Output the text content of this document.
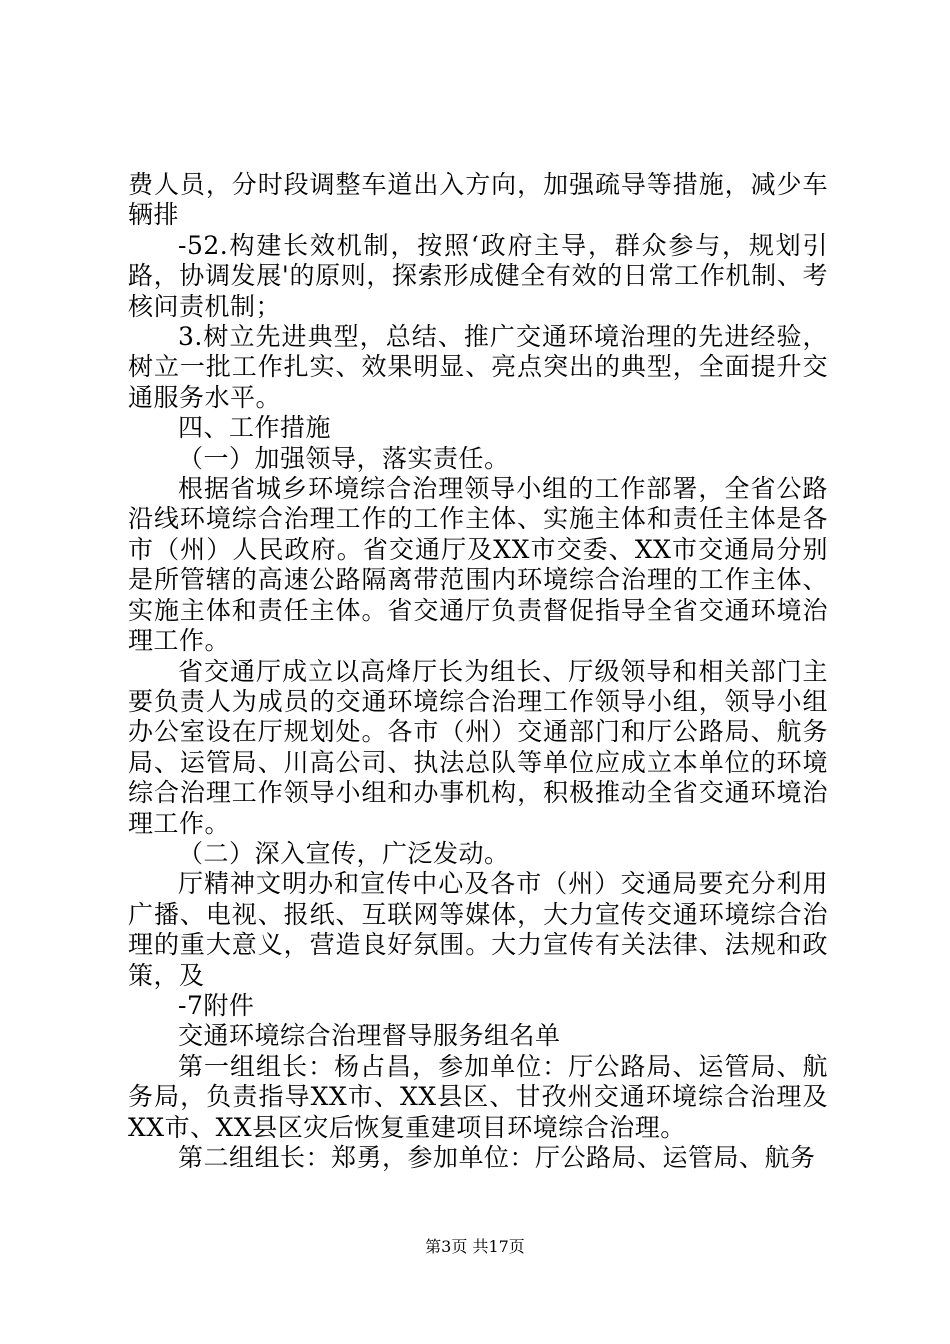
费人员，分时段调整车道出入方向，加强疏导等措施，减少车辆排

-52.构建长效机制，按照‘政府主导，群众参与，规划引路，协调发展'的原则，探索形成健全有效的日常工作机制、考核问责机制；

3.树立先进典型，总结、推广交通环境治理的先进经验，树立一批工作扎实、效果明显、亮点突出的典型，全面提升交通服务水平。

四、工作措施

（一）加强领导，落实责任。

根据省城乡环境综合治理领导小组的工作部署，全省公路沿线环境综合治理工作的工作主体、实施主体和责任主体是各市（州）人民政府。省交通厅及XX市交委、XX市交通局分别是所管辖的高速公路隔离带范围内环境综合治理的工作主体、实施主体和责任主体。省交通厅负责督促指导全省交通环境治理工作。

省交通厅成立以高烽厅长为组长、厅级领导和相关部门主要负责人为成员的交通环境综合治理工作领导小组，领导小组办公室设在厅规划处。各市（州）交通部门和厅公路局、航务局、运管局、川高公司、执法总队等单位应成立本单位的环境综合治理工作领导小组和办事机构，积极推动全省交通环境治理工作。

（二）深入宣传，广泛发动。

厅精神文明办和宣传中心及各市（州）交通局要充分利用广播、电视、报纸、互联网等媒体，大力宣传交通环境综合治理的重大意义，营造良好氛围。大力宣传有关法律、法规和政策，及

-7附件

交通环境综合治理督导服务组名单

第一组组长：杨占昌，参加单位：厅公路局、运管局、航务局，负责指导XX市、XX县区、甘孜州交通环境综合治理及XX市、XX县区灾后恢复重建项目环境综合治理。

第二组组长：郑勇，参加单位：厅公路局、运管局、航务

第3页 共17页
